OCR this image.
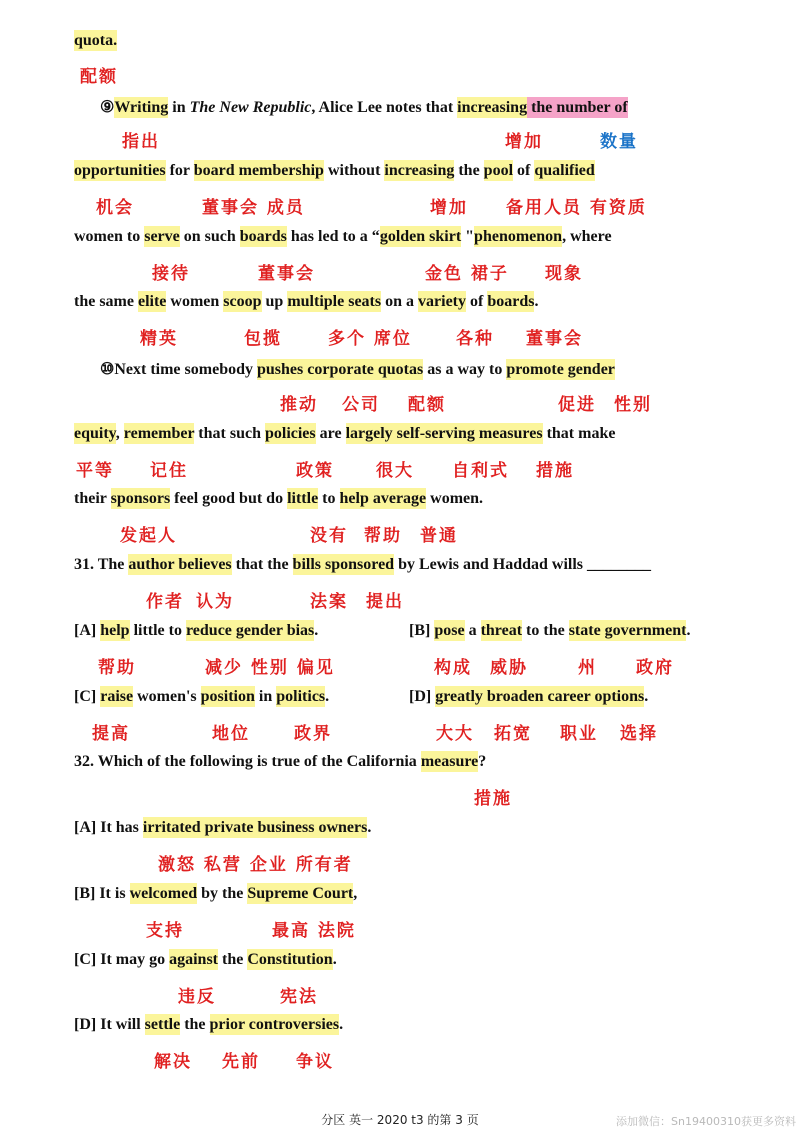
quota.
配额
⑨Writing in The New Republic, Alice Lee notes that increasing the number of
指出	增加	数量
opportunities for board membership without increasing the pool of qualified
机会	董事会 成员	增加 备用人员 有资质
women to serve on such boards has led to a “golden skirt "phenomenon, where
接待	董事会	金色 裙子 现象
the same elite women scoop up multiple seats on a variety of boards.
精英	包揽	多个 席位	各种 董事会
⑩Next time somebody pushes corporate quotas as a way to promote gender
推动 公司 配额	促进 性别
equity, remember that such policies are largely self-serving measures that make
平等 记住	政策 很大 自利式 措施
their sponsors feel good but do little to help average women.
发起人	没有 帮助 普通
31. The author believes that the bills sponsored by Lewis and Haddad wills ________
作者 认为	法案 提出
[A] help little to reduce gender bias.	[B] pose a threat to the state government.
帮助	减少 性别 偏见	构成 威胁	州 政府
[C] raise women's position in politics.	[D] greatly broaden career options.
提高	地位	政界	大大 拓宽 职业 选择
32. Which of the following is true of the California measure?
措施
[A] It has irritated private business owners.
激怒 私营 企业 所有者
[B] It is welcomed by the Supreme Court,
支持	最高 法院
[C] It may go against the Constitution.
违反	宪法
[D] It will settle the prior controversies.
解决 先前 争议
分区 英一 2020 t3 的第 3 页	添加微信：Sn19400310获更多资料
